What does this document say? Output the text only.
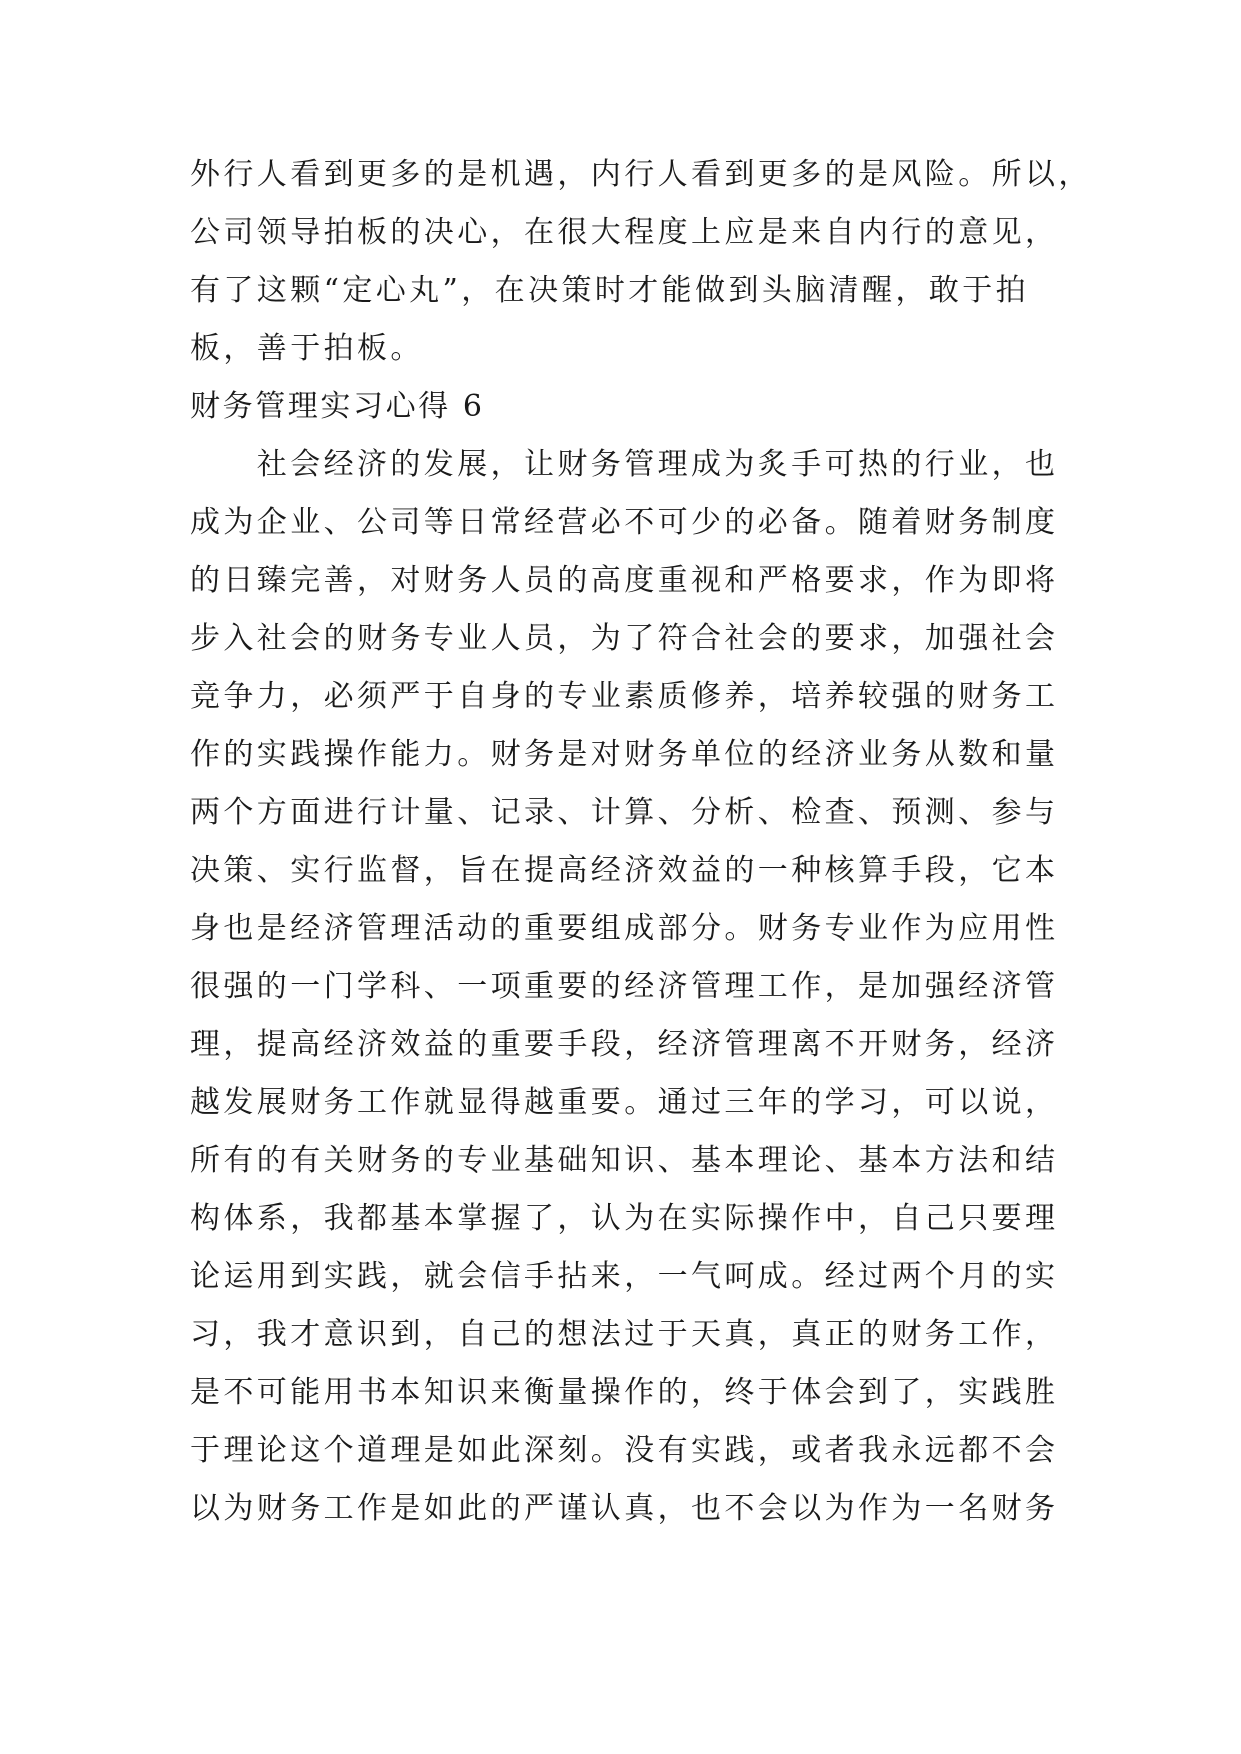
外行人看到更多的是机遇，内行人看到更多的是风险。所以，
公司领导拍板的决心，在很大程度上应是来自内行的意见，
有了这颗“定心丸”，在决策时才能做到头脑清醒，敢于拍
板，善于拍板。
财务管理实习心得 6
　　社会经济的发展，让财务管理成为炙手可热的行业，也
成为企业、公司等日常经营必不可少的必备。随着财务制度
的日臻完善，对财务人员的高度重视和严格要求，作为即将
步入社会的财务专业人员，为了符合社会的要求，加强社会
竞争力，必须严于自身的专业素质修养，培养较强的财务工
作的实践操作能力。财务是对财务单位的经济业务从数和量
两个方面进行计量、记录、计算、分析、检查、预测、参与
决策、实行监督，旨在提高经济效益的一种核算手段，它本
身也是经济管理活动的重要组成部分。财务专业作为应用性
很强的一门学科、一项重要的经济管理工作，是加强经济管
理，提高经济效益的重要手段，经济管理离不开财务，经济
越发展财务工作就显得越重要。通过三年的学习，可以说，
所有的有关财务的专业基础知识、基本理论、基本方法和结
构体系，我都基本掌握了，认为在实际操作中，自己只要理
论运用到实践，就会信手拈来，一气呵成。经过两个月的实
习，我才意识到，自己的想法过于天真，真正的财务工作，
是不可能用书本知识来衡量操作的，终于体会到了，实践胜
于理论这个道理是如此深刻。没有实践，或者我永远都不会
以为财务工作是如此的严谨认真，也不会以为作为一名财务
